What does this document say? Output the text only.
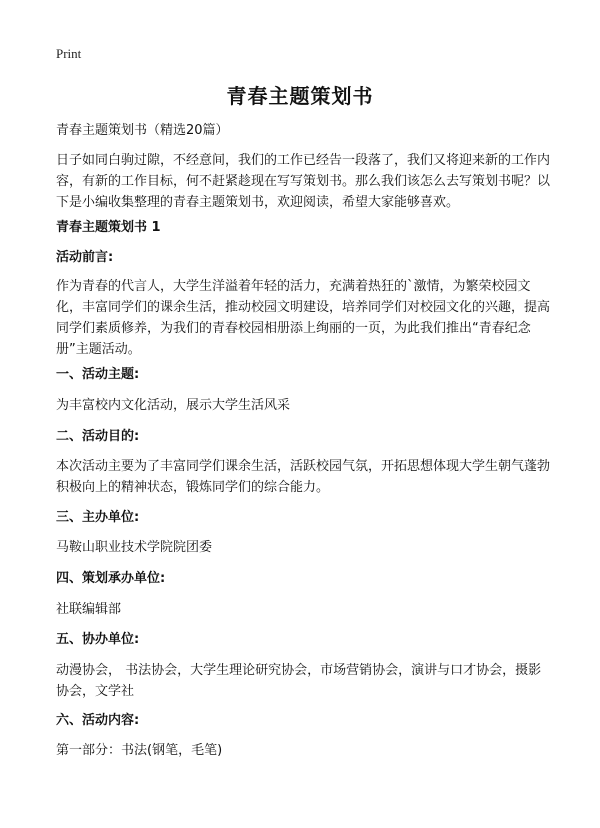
Print
青春主题策划书

青春主题策划书（精选20篇）

日子如同白驹过隙，不经意间，我们的工作已经告一段落了，我们又将迎来新的工作内容，有新的工作目标，何不赶紧趁现在写写策划书。那么我们该怎么去写策划书呢？以下是小编收集整理的青春主题策划书，欢迎阅读，希望大家能够喜欢。

青春主题策划书 1

活动前言:

作为青春的代言人，大学生洋溢着年轻的活力，充满着热狂的`激情，为繁荣校园文化，丰富同学们的课余生活，推动校园文明建设，培养同学们对校园文化的兴趣，提高同学们素质修养，为我们的青春校园相册添上绚丽的一页，为此我们推出“青春纪念册”主题活动。

一、活动主题:

为丰富校内文化活动，展示大学生活风采

二、活动目的:

本次活动主要为了丰富同学们课余生活，活跃校园气氛，开拓思想体现大学生朝气蓬勃积极向上的精神状态，锻炼同学们的综合能力。

三、主办单位:

马鞍山职业技术学院院团委

四、策划承办单位:

社联编辑部

五、协办单位:

动漫协会， 书法协会，大学生理论研究协会，市场营销协会，演讲与口才协会，摄影协会，文学社

六、活动内容:

第一部分：书法(钢笔，毛笔)
